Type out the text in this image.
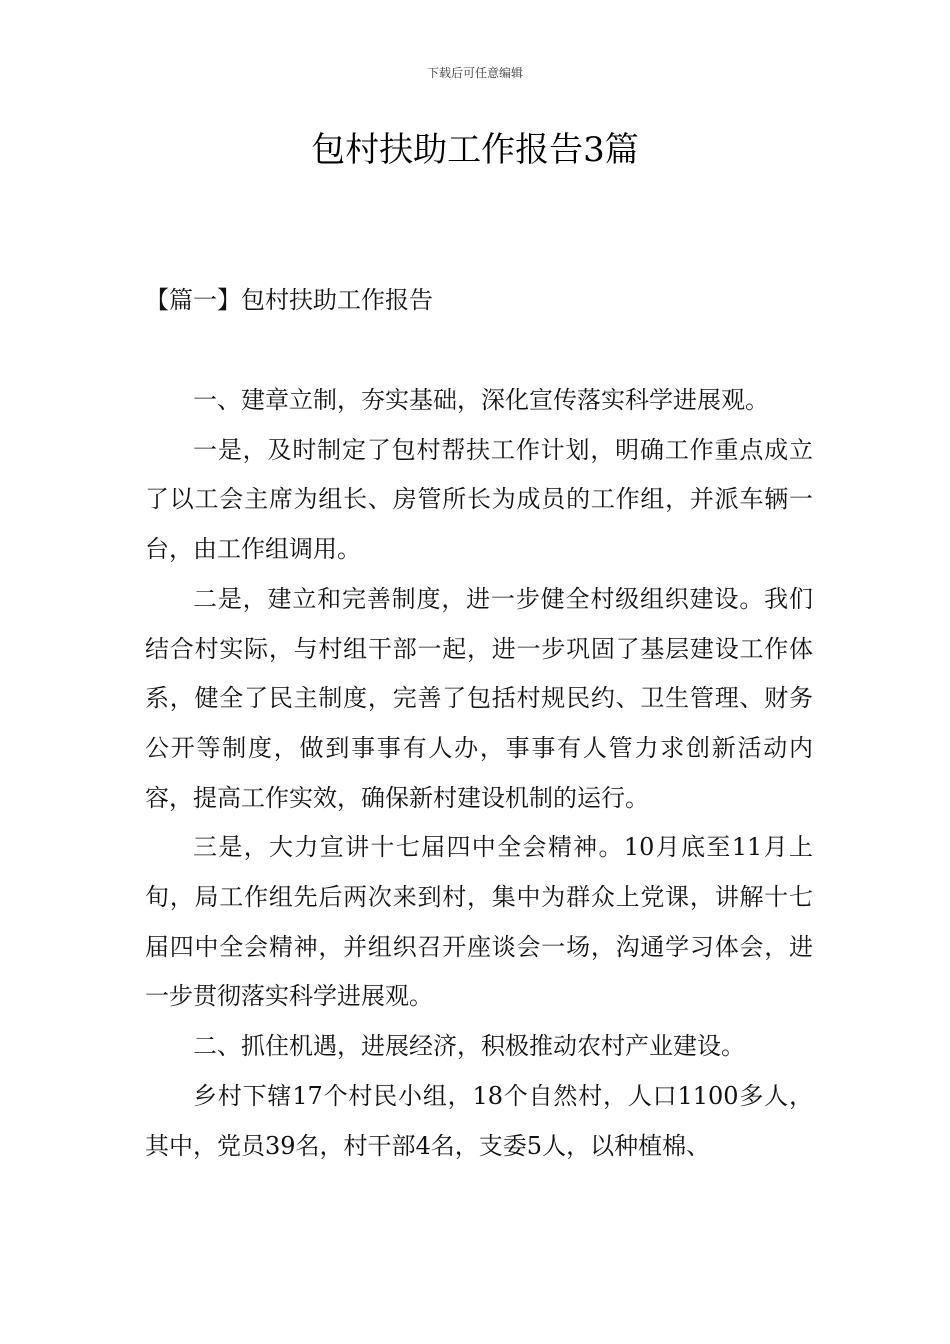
下载后可任意编辑
包村扶助工作报告3篇
【篇一】包村扶助工作报告

一、建章立制，夯实基础，深化宣传落实科学进展观。

一是，及时制定了包村帮扶工作计划，明确工作重点成立了以工会主席为组长、房管所长为成员的工作组，并派车辆一台，由工作组调用。

二是，建立和完善制度，进一步健全村级组织建设。我们结合村实际，与村组干部一起，进一步巩固了基层建设工作体系，健全了民主制度，完善了包括村规民约、卫生管理、财务公开等制度，做到事事有人办，事事有人管力求创新活动内容，提高工作实效，确保新村建设机制的运行。

三是，大力宣讲十七届四中全会精神。10月底至11月上旬，局工作组先后两次来到村，集中为群众上党课，讲解十七届四中全会精神，并组织召开座谈会一场，沟通学习体会，进一步贯彻落实科学进展观。

二、抓住机遇，进展经济，积极推动农村产业建设。

乡村下辖17个村民小组，18个自然村，人口1100多人，其中，党员39名，村干部4名，支委5人，以种植棉、
